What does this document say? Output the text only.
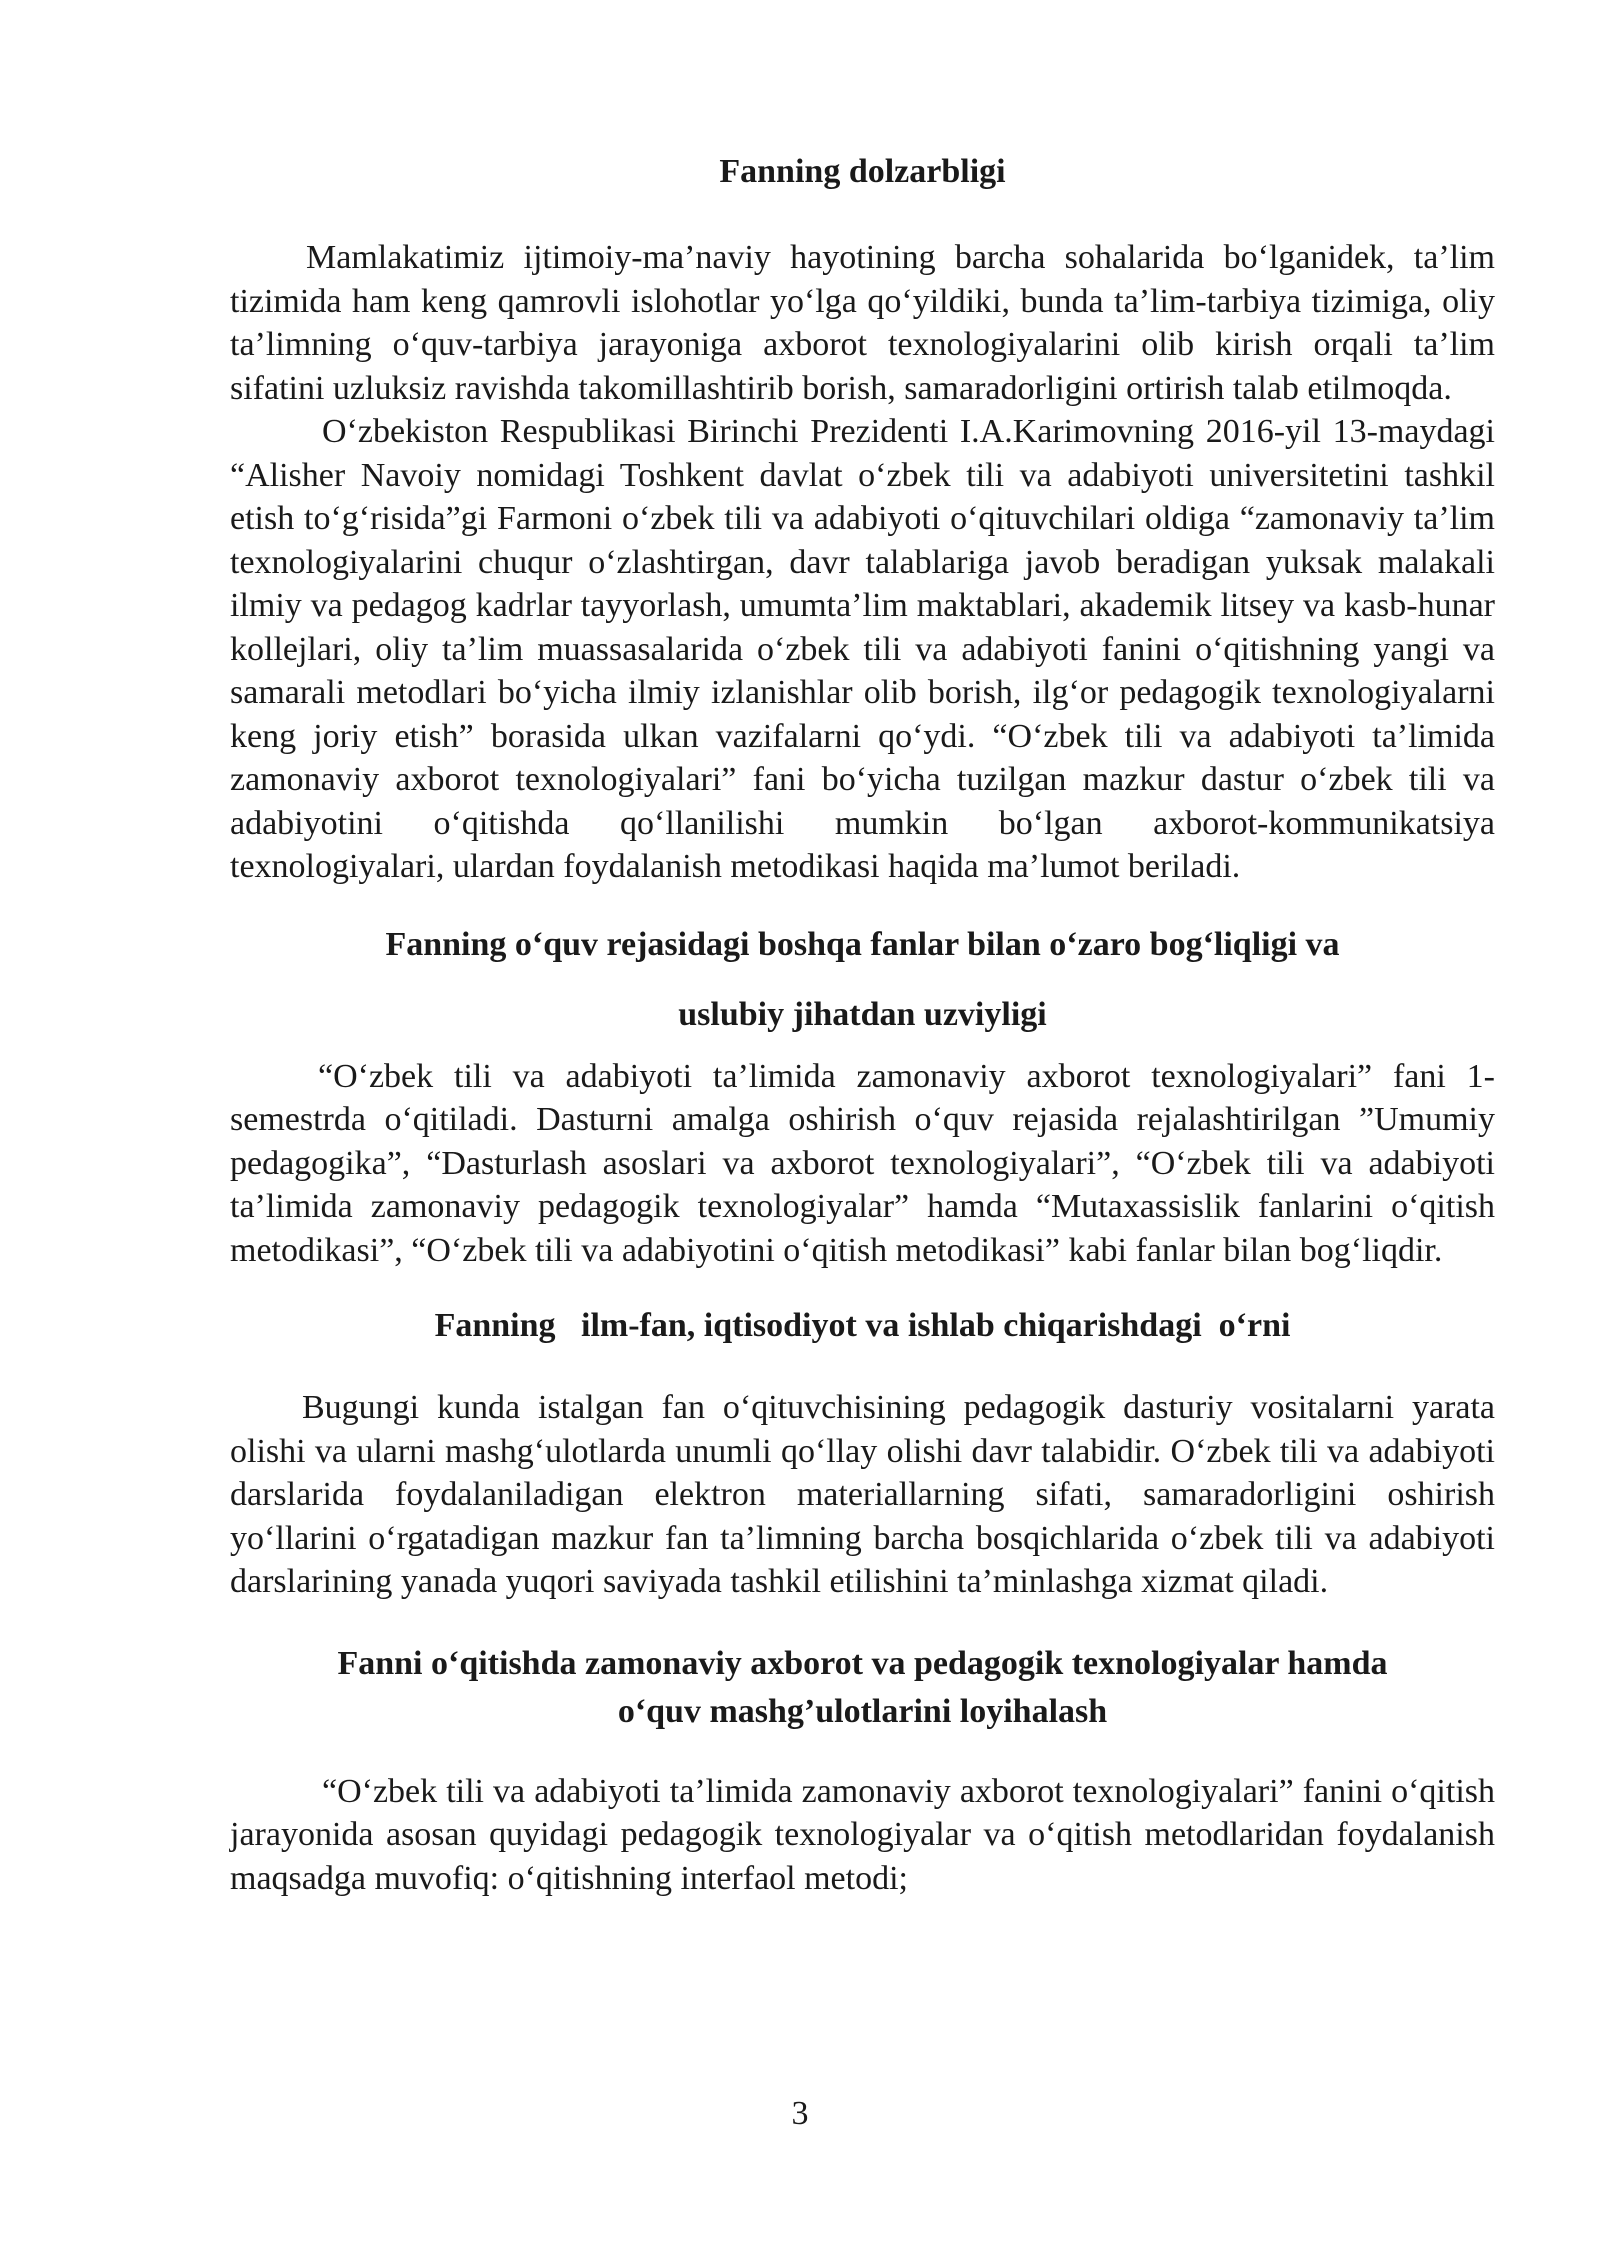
Fanning dolzarbligi

Mamlakatimiz ijtimoiy-ma’naviy hayotining barcha sohalarida bo‘lganidek, ta’lim tizimida ham keng qamrovli islohotlar yo‘lga qo‘yildiki, bunda ta’lim-tarbiya tizimiga, oliy ta’limning o‘quv-tarbiya jarayoniga axborot texnologiyalarini olib kirish orqali ta’lim sifatini uzluksiz ravishda takomillashtirib borish, samaradorligini ortirish talab etilmoqda.

O‘zbekiston Respublikasi Birinchi Prezidenti I.A.Karimovning 2016-yil 13-maydagi “Alisher Navoiy nomidagi Toshkent davlat o‘zbek tili va adabiyoti universitetini tashkil etish to‘g‘risida”gi Farmoni o‘zbek tili va adabiyoti o‘qituvchilari oldiga “zamonaviy ta’lim texnologiyalarini chuqur o‘zlashtirgan, davr talablariga javob beradigan yuksak malakali ilmiy va pedagog kadrlar tayyorlash, umumta’lim maktablari, akademik litsey va kasb-hunar kollejlari, oliy ta’lim muassasalarida o‘zbek tili va adabiyoti fanini o‘qitishning yangi va samarali metodlari bo‘yicha ilmiy izlanishlar olib borish, ilg‘or pedagogik texnologiyalarni keng joriy etish” borasida ulkan vazifalarni qo‘ydi. “O‘zbek tili va adabiyoti ta’limida zamonaviy axborot texnologiyalari” fani bo‘yicha tuzilgan mazkur dastur o‘zbek tili va adabiyotini o‘qitishda qo‘llanilishi mumkin bo‘lgan axborot-kommunikatsiya texnologiyalari, ulardan foydalanish metodikasi haqida ma’lumot beriladi.

Fanning o‘quv rejasidagi boshqa fanlar bilan o‘zaro bog‘liqligi va

uslubiy jihatdan uzviyligi

“O‘zbek tili va adabiyoti ta’limida zamonaviy axborot texnologiyalari” fani 1-semestrda o‘qitiladi. Dasturni amalga oshirish o‘quv rejasida rejalashtirilgan ”Umumiy pedagogika”, “Dasturlash asoslari va axborot texnologiyalari”, “O‘zbek tili va adabiyoti ta’limida zamonaviy pedagogik texnologiyalar” hamda “Mutaxassislik fanlarini o‘qitish metodikasi”, “O‘zbek tili va adabiyotini o‘qitish metodikasi” kabi fanlar bilan bog‘liqdir.

Fanning   ilm-fan, iqtisodiyot va ishlab chiqarishdagi  o‘rni

Bugungi kunda istalgan fan o‘qituvchisining pedagogik dasturiy vositalarni yarata olishi va ularni mashg‘ulotlarda unumli qo‘llay olishi davr talabidir. O‘zbek tili va adabiyoti darslarida foydalaniladigan elektron materiallarning sifati, samaradorligini oshirish yo‘llarini o‘rgatadigan mazkur fan ta’limning barcha bosqichlarida o‘zbek tili va adabiyoti darslarining yanada yuqori saviyada tashkil etilishini ta’minlashga xizmat qiladi.

Fanni o‘qitishda zamonaviy axborot va pedagogik texnologiyalar hamda

o‘quv mashg’ulotlarini loyihalash

“O‘zbek tili va adabiyoti ta’limida zamonaviy axborot texnologiyalari” fanini o‘qitish jarayonida asosan quyidagi pedagogik texnologiyalar va o‘qitish metodlaridan foydalanish maqsadga muvofiq: o‘qitishning interfaol metodi;

3
